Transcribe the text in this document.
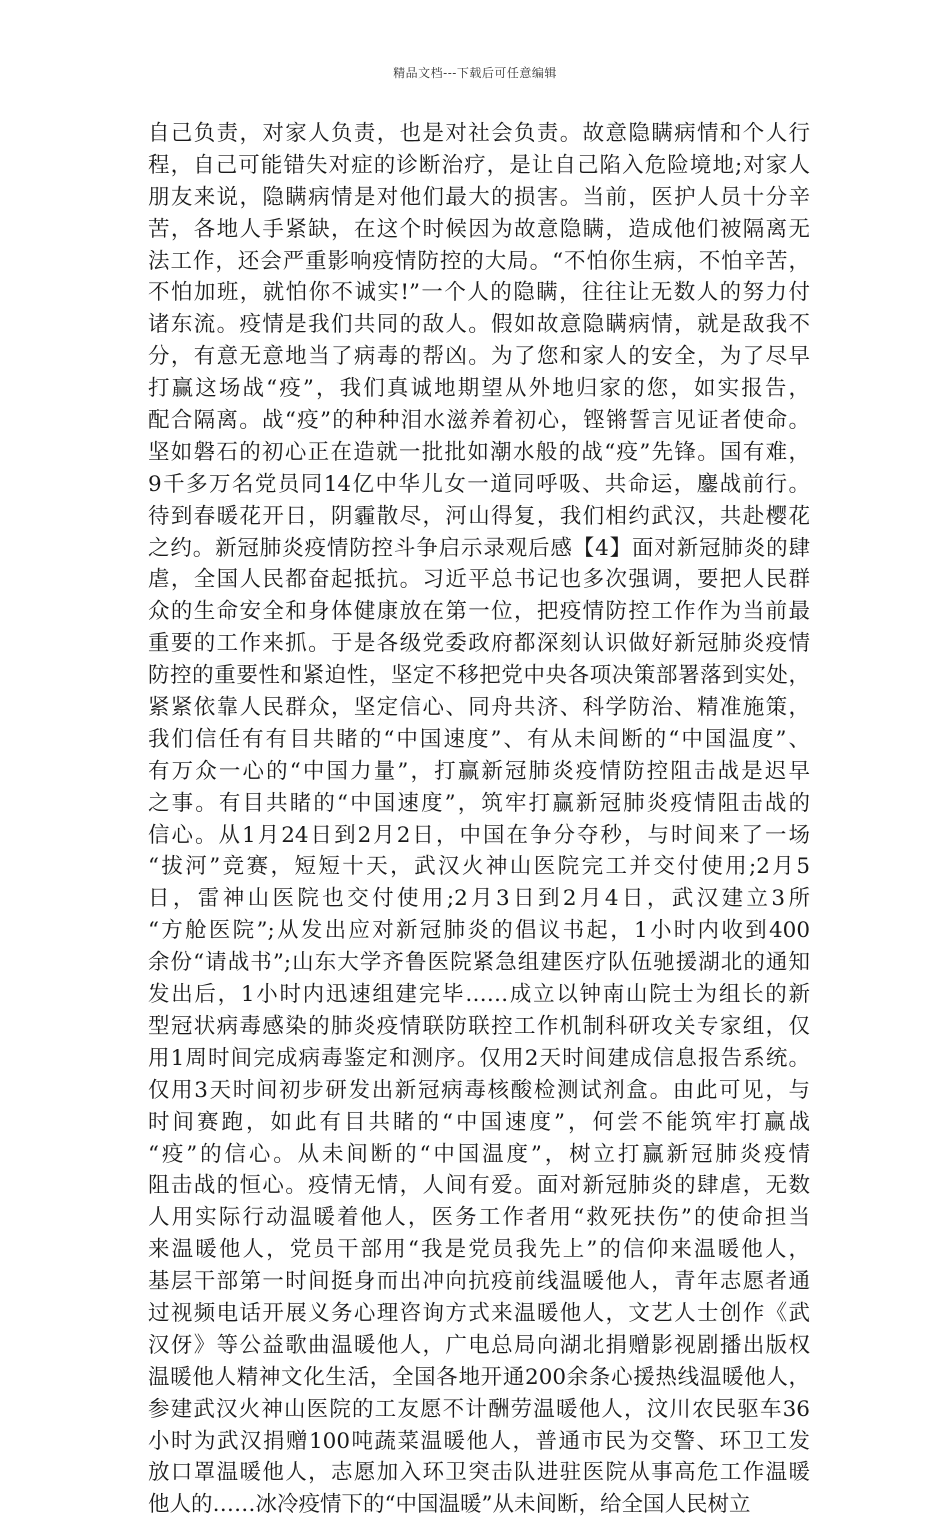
精品文档---下载后可任意编辑
自己负责，对家人负责，也是对社会负责。故意隐瞒病情和个人行
程，自己可能错失对症的诊断治疗，是让自己陷入危险境地;对家人
朋友来说，隐瞒病情是对他们最大的损害。当前，医护人员十分辛
苦，各地人手紧缺，在这个时候因为故意隐瞒，造成他们被隔离无
法工作，还会严重影响疫情防控的大局。“不怕你生病，不怕辛苦，
不怕加班，就怕你不诚实!”一个人的隐瞒，往往让无数人的努力付
诸东流。疫情是我们共同的敌人。假如故意隐瞒病情，就是敌我不
分，有意无意地当了病毒的帮凶。为了您和家人的安全，为了尽早
打赢这场战“疫”，我们真诚地期望从外地归家的您，如实报告，
配合隔离。战“疫”的种种泪水滋养着初心，铿锵誓言见证者使命。
坚如磐石的初心正在造就一批批如潮水般的战“疫”先锋。国有难，
9千多万名党员同14亿中华儿女一道同呼吸、共命运，鏖战前行。
待到春暖花开日，阴霾散尽，河山得复，我们相约武汉，共赴樱花
之约。新冠肺炎疫情防控斗争启示录观后感【4】面对新冠肺炎的肆
虐，全国人民都奋起抵抗。习近平总书记也多次强调，要把人民群
众的生命安全和身体健康放在第一位，把疫情防控工作作为当前最
重要的工作来抓。于是各级党委政府都深刻认识做好新冠肺炎疫情
防控的重要性和紧迫性，坚定不移把党中央各项决策部署落到实处，
紧紧依靠人民群众，坚定信心、同舟共济、科学防治、精准施策，
我们信任有有目共睹的“中国速度”、有从未间断的“中国温度”、
有万众一心的“中国力量”，打赢新冠肺炎疫情防控阻击战是迟早
之事。有目共睹的“中国速度”，筑牢打赢新冠肺炎疫情阻击战的
信心。从1月24日到2月2日，中国在争分夺秒，与时间来了一场
“拔河”竞赛，短短十天，武汉火神山医院完工并交付使用;2月5
日，雷神山医院也交付使用;2月3日到2月4日，武汉建立3所
“方舱医院”;从发出应对新冠肺炎的倡议书起，1小时内收到400
余份“请战书”;山东大学齐鲁医院紧急组建医疗队伍驰援湖北的通知
发出后，1小时内迅速组建完毕……成立以钟南山院士为组长的新
型冠状病毒感染的肺炎疫情联防联控工作机制科研攻关专家组，仅
用1周时间完成病毒鉴定和测序。仅用2天时间建成信息报告系统。
仅用3天时间初步研发出新冠病毒核酸检测试剂盒。由此可见，与
时间赛跑，如此有目共睹的“中国速度”，何尝不能筑牢打赢战
“疫”的信心。从未间断的“中国温度”，树立打赢新冠肺炎疫情
阻击战的恒心。疫情无情，人间有爱。面对新冠肺炎的肆虐，无数
人用实际行动温暖着他人，医务工作者用“救死扶伤”的使命担当
来温暖他人，党员干部用“我是党员我先上”的信仰来温暖他人，
基层干部第一时间挺身而出冲向抗疫前线温暖他人，青年志愿者通
过视频电话开展义务心理咨询方式来温暖他人，文艺人士创作《武
汉伢》等公益歌曲温暖他人，广电总局向湖北捐赠影视剧播出版权
温暖他人精神文化生活，全国各地开通200余条心援热线温暖他人，
参建武汉火神山医院的工友愿不计酬劳温暖他人，汶川农民驱车36
小时为武汉捐赠100吨蔬菜温暖他人，普通市民为交警、环卫工发
放口罩温暖他人，志愿加入环卫突击队进驻医院从事高危工作温暖
他人的……冰冷疫情下的“中国温暖”从未间断，给全国人民树立
